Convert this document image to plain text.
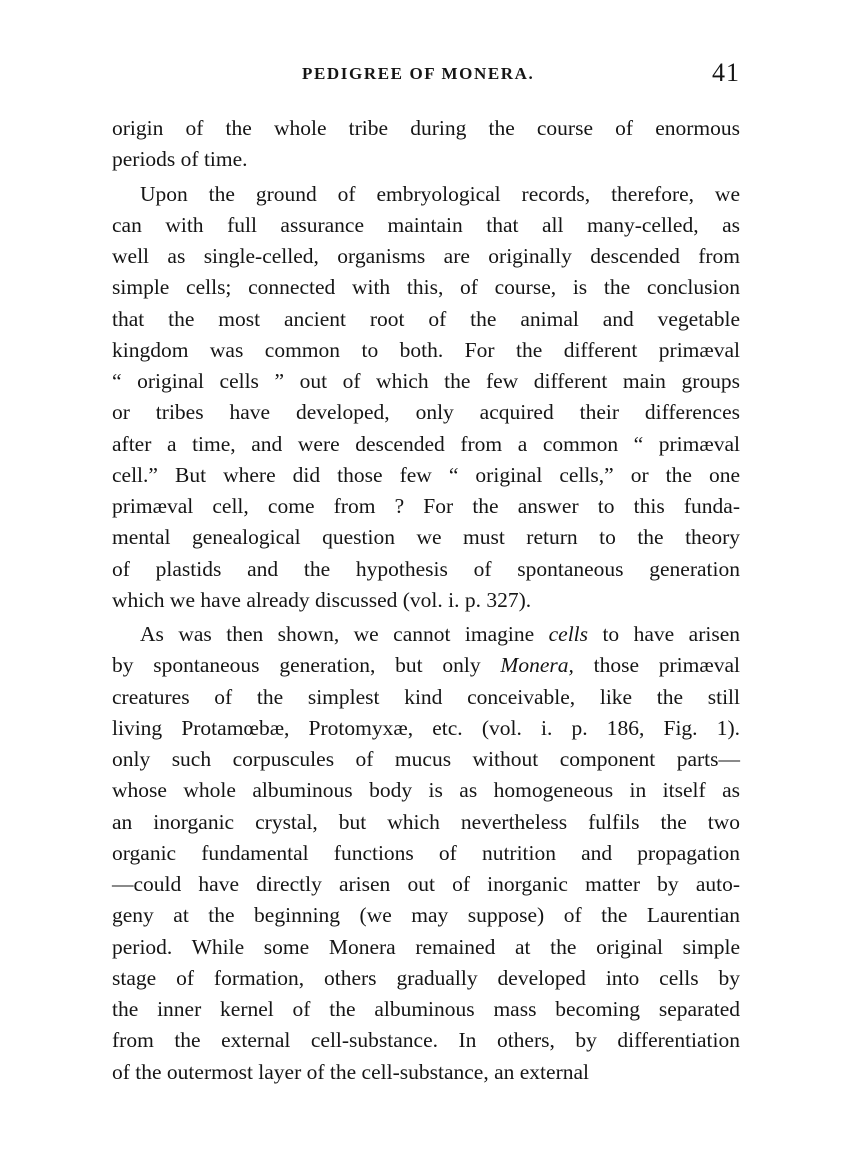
PEDIGREE OF MONERA.	41
origin of the whole tribe during the course of enormous
periods of time.
Upon the ground of embryological records, therefore, we
can with full assurance maintain that all many-celled, as
well as single-celled, organisms are originally descended from
simple cells; connected with this, of course, is the conclusion
that the most ancient root of the animal and vegetable
kingdom was common to both. For the different primæval
“ original cells ” out of which the few different main groups
or tribes have developed, only acquired their differences
after a time, and were descended from a common “ primæval
cell.” But where did those few “ original cells,” or the one
primæval cell, come from ? For the answer to this funda-
mental genealogical question we must return to the theory
of plastids and the hypothesis of spontaneous generation
which we have already discussed (vol. i. p. 327).
As was then shown, we cannot imagine cells to have arisen
by spontaneous generation, but only Monera, those primæval
creatures of the simplest kind conceivable, like the still
living Protamœbæ, Protomyxæ, etc. (vol. i. p. 186, Fig. 1).
only such corpuscules of mucus without component parts—
whose whole albuminous body is as homogeneous in itself as
an inorganic crystal, but which nevertheless fulfils the two
organic fundamental functions of nutrition and propagation
—could have directly arisen out of inorganic matter by auto-
geny at the beginning (we may suppose) of the Laurentian
period. While some Monera remained at the original simple
stage of formation, others gradually developed into cells by
the inner kernel of the albuminous mass becoming separated
from the external cell-substance. In others, by differentiation
of the outermost layer of the cell-substance, an external
